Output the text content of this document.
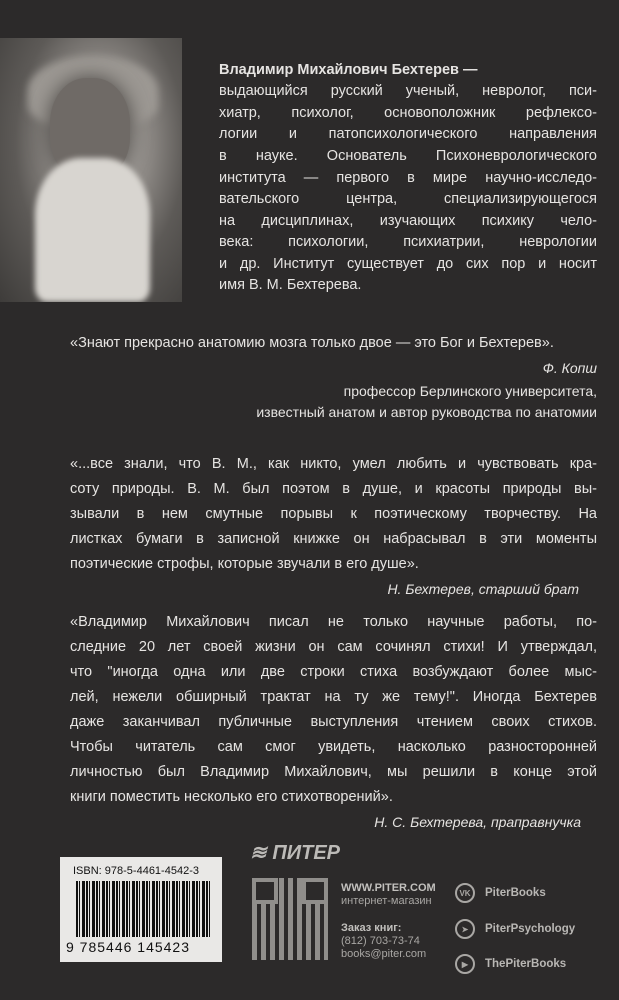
Владимир Михайлович Бехтерев —
выдающийся русский ученый, невролог, пси-
хиатр, психолог, основоположник рефлексо-
логии и патопсихологического направления
в науке. Основатель Психоневрологического
института — первого в мире научно-исследо-
вательского центра, специализирующегося
на дисциплинах, изучающих психику чело-
века: психологии, психиатрии, неврологии
и др. Институт существует до сих пор и носит
имя В. М. Бехтерева.
«Знают прекрасно анатомию мозга только двое — это Бог и Бехтерев».
Ф. Копш
профессор Берлинского университета,
известный анатом и автор руководства по анатомии
«...все знали, что В. М., как никто, умел любить и чувствовать кра-
соту природы. В. М. был поэтом в душе, и красоты природы вы-
зывали в нем смутные порывы к поэтическому творчеству. На
листках бумаги в записной книжке он набрасывал в эти моменты
поэтические строфы, которые звучали в его душе».
Н. Бехтерев, старший брат
«Владимир Михайлович писал не только научные работы, по-
следние 20 лет своей жизни он сам сочинял стихи! И утверждал,
что "иногда одна или две строки стиха возбуждают более мыс-
лей, нежели обширный трактат на ту же тему!". Иногда Бехтерев
даже заканчивал публичные выступления чтением своих стихов.
Чтобы читатель сам смог увидеть, насколько разносторонней
личностью был Владимир Михайлович, мы решили в конце этой
книги поместить несколько его стихотворений».
Н. С. Бехтерева, праправнучка
ISBN: 978-5-4461-4542-3
9 785446 145423
≋ ПИТЕР
WWW.PITER.COM
интернет-магазин
Заказ книг:
(812) 703-73-74
books@piter.com
VK	PiterBooks
➤	PiterPsychology
▶	ThePiterBooks
